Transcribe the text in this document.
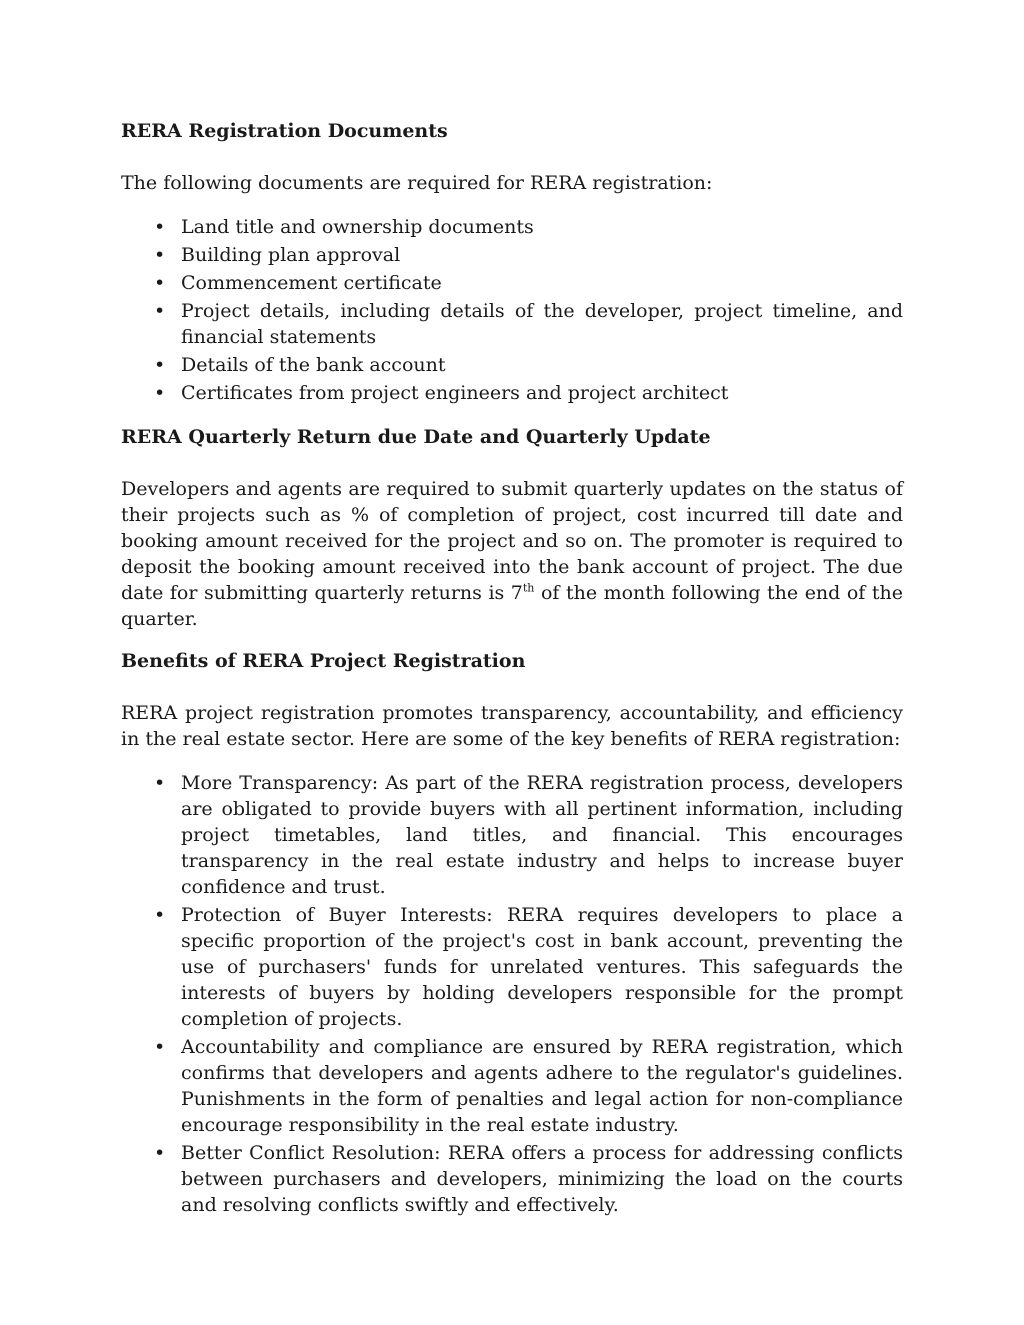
RERA Registration Documents

The following documents are required for RERA registration:

• Land title and ownership documents
• Building plan approval
• Commencement certificate
• Project details, including details of the developer, project timeline, and financial statements
• Details of the bank account
• Certificates from project engineers and project architect

RERA Quarterly Return due Date and Quarterly Update

Developers and agents are required to submit quarterly updates on the status of their projects such as % of completion of project, cost incurred till date and booking amount received for the project and so on. The promoter is required to deposit the booking amount received into the bank account of project. The due date for submitting quarterly returns is 7th of the month following the end of the quarter.

Benefits of RERA Project Registration

RERA project registration promotes transparency, accountability, and efficiency in the real estate sector. Here are some of the key benefits of RERA registration:

• More Transparency: As part of the RERA registration process, developers are obligated to provide buyers with all pertinent information, including project timetables, land titles, and financial. This encourages transparency in the real estate industry and helps to increase buyer confidence and trust.
• Protection of Buyer Interests: RERA requires developers to place a specific proportion of the project's cost in bank account, preventing the use of purchasers' funds for unrelated ventures. This safeguards the interests of buyers by holding developers responsible for the prompt completion of projects.
• Accountability and compliance are ensured by RERA registration, which confirms that developers and agents adhere to the regulator's guidelines. Punishments in the form of penalties and legal action for non-compliance encourage responsibility in the real estate industry.
• Better Conflict Resolution: RERA offers a process for addressing conflicts between purchasers and developers, minimizing the load on the courts and resolving conflicts swiftly and effectively.
